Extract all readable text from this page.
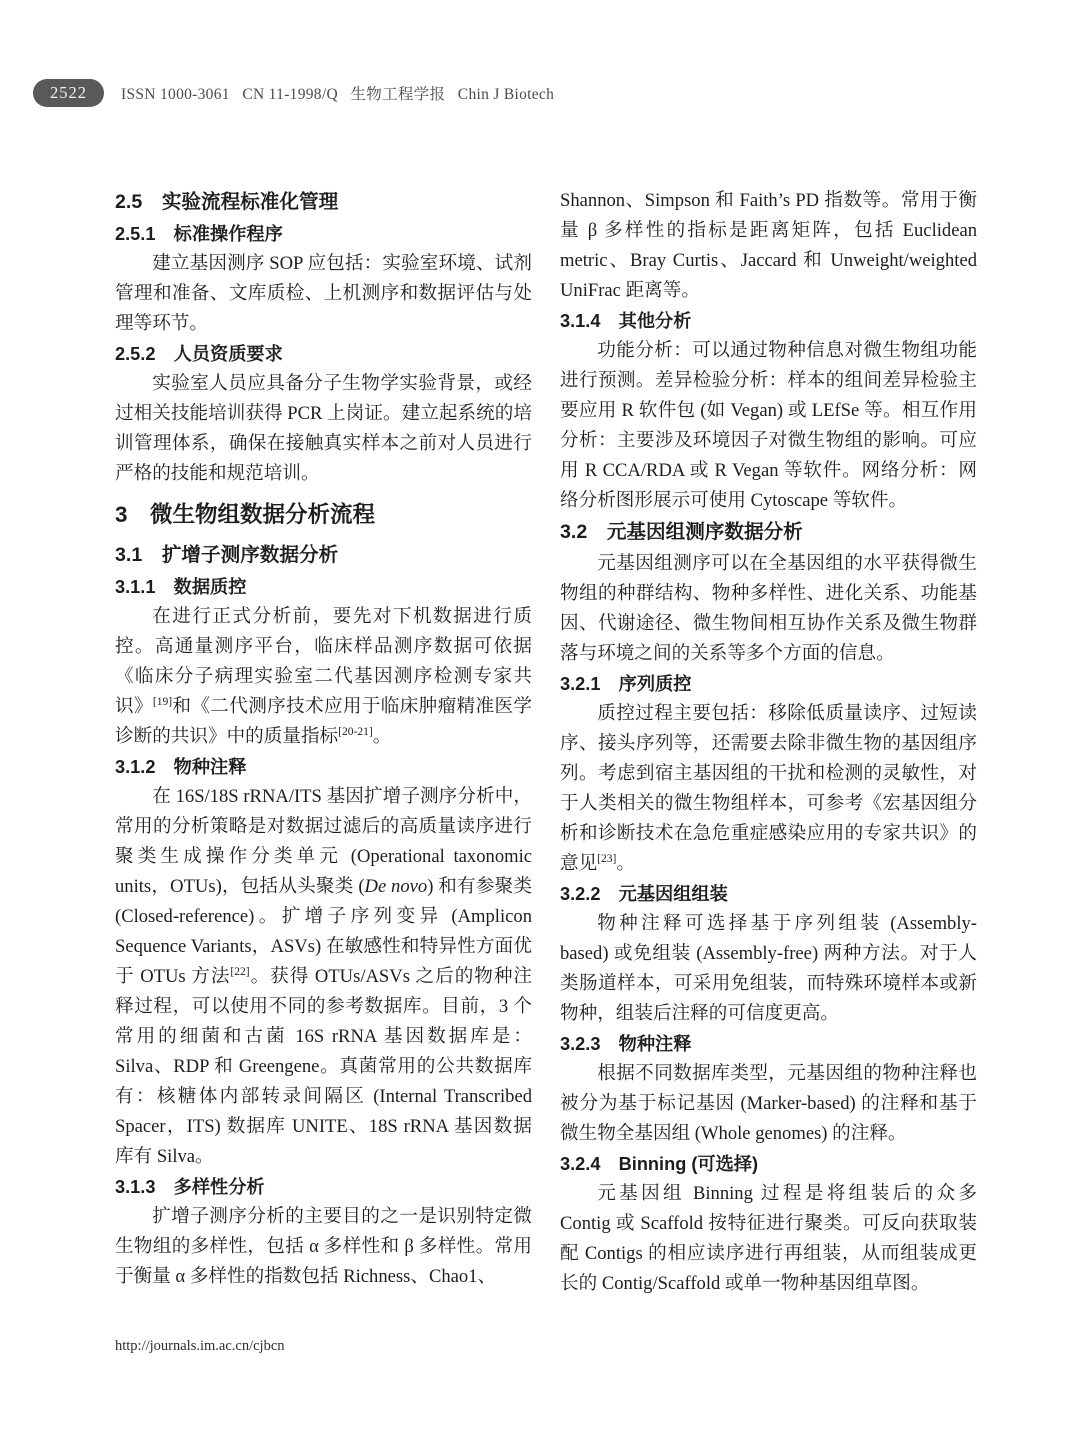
2522 ISSN 1000-3061   CN 11-1998/Q   生物工程学报   Chin J Biotech
2.5　实验流程标准化管理
2.5.1　标准操作程序

建立基因测序 SOP 应包括：实验室环境、试剂管理和准备、文库质检、上机测序和数据评估与处理等环节。

2.5.2　人员资质要求

实验室人员应具备分子生物学实验背景，或经过相关技能培训获得 PCR 上岗证。建立起系统的培训管理体系，确保在接触真实样本之前对人员进行严格的技能和规范培训。

3　微生物组数据分析流程
3.1　扩增子测序数据分析
3.1.1　数据质控

在进行正式分析前，要先对下机数据进行质控。高通量测序平台，临床样品测序数据可依据《临床分子病理实验室二代基因测序检测专家共识》[19]和《二代测序技术应用于临床肿瘤精准医学诊断的共识》中的质量指标[20-21]。

3.1.2　物种注释

在 16S/18S rRNA/ITS 基因扩增子测序分析中，常用的分析策略是对数据过滤后的高质量读序进行聚类生成操作分类单元 (Operational taxonomic units，OTUs)，包括从头聚类 (De novo) 和有参聚类 (Closed-reference)。扩增子序列变异 (Amplicon Sequence Variants，ASVs) 在敏感性和特异性方面优于 OTUs 方法[22]。获得 OTUs/ASVs 之后的物种注释过程，可以使用不同的参考数据库。目前，3 个常用的细菌和古菌 16S rRNA 基因数据库是：Silva、RDP 和 Greengene。真菌常用的公共数据库有：核糖体内部转录间隔区 (Internal Transcribed Spacer，ITS) 数据库 UNITE、18S rRNA 基因数据库有 Silva。

3.1.3　多样性分析

扩增子测序分析的主要目的之一是识别特定微生物组的多样性，包括 α 多样性和 β 多样性。常用于衡量 α 多样性的指数包括 Richness、Chao1、

Shannon、Simpson 和 Faith’s PD 指数等。常用于衡量 β 多样性的指标是距离矩阵，包括 Euclidean metric、Bray Curtis、Jaccard 和 Unweight/weighted UniFrac 距离等。

3.1.4　其他分析

功能分析：可以通过物种信息对微生物组功能进行预测。差异检验分析：样本的组间差异检验主要应用 R 软件包 (如 Vegan) 或 LEfSe 等。相互作用分析：主要涉及环境因子对微生物组的影响。可应用 R CCA/RDA 或 R Vegan 等软件。网络分析：网络分析图形展示可使用 Cytoscape 等软件。

3.2　元基因组测序数据分析

元基因组测序可以在全基因组的水平获得微生物组的种群结构、物种多样性、进化关系、功能基因、代谢途径、微生物间相互协作关系及微生物群落与环境之间的关系等多个方面的信息。

3.2.1　序列质控

质控过程主要包括：移除低质量读序、过短读序、接头序列等，还需要去除非微生物的基因组序列。考虑到宿主基因组的干扰和检测的灵敏性，对于人类相关的微生物组样本，可参考《宏基因组分析和诊断技术在急危重症感染应用的专家共识》的意见[23]。

3.2.2　元基因组组装

物种注释可选择基于序列组装 (Assembly-based) 或免组装 (Assembly-free) 两种方法。对于人类肠道样本，可采用免组装，而特殊环境样本或新物种，组装后注释的可信度更高。

3.2.3　物种注释

根据不同数据库类型，元基因组的物种注释也被分为基于标记基因 (Marker-based) 的注释和基于微生物全基因组 (Whole genomes) 的注释。

3.2.4　Binning (可选择)

元基因组 Binning 过程是将组装后的众多 Contig 或 Scaffold 按特征进行聚类。可反向获取装配 Contigs 的相应读序进行再组装，从而组装成更长的 Contig/Scaffold 或单一物种基因组草图。

http://journals.im.ac.cn/cjbcn
